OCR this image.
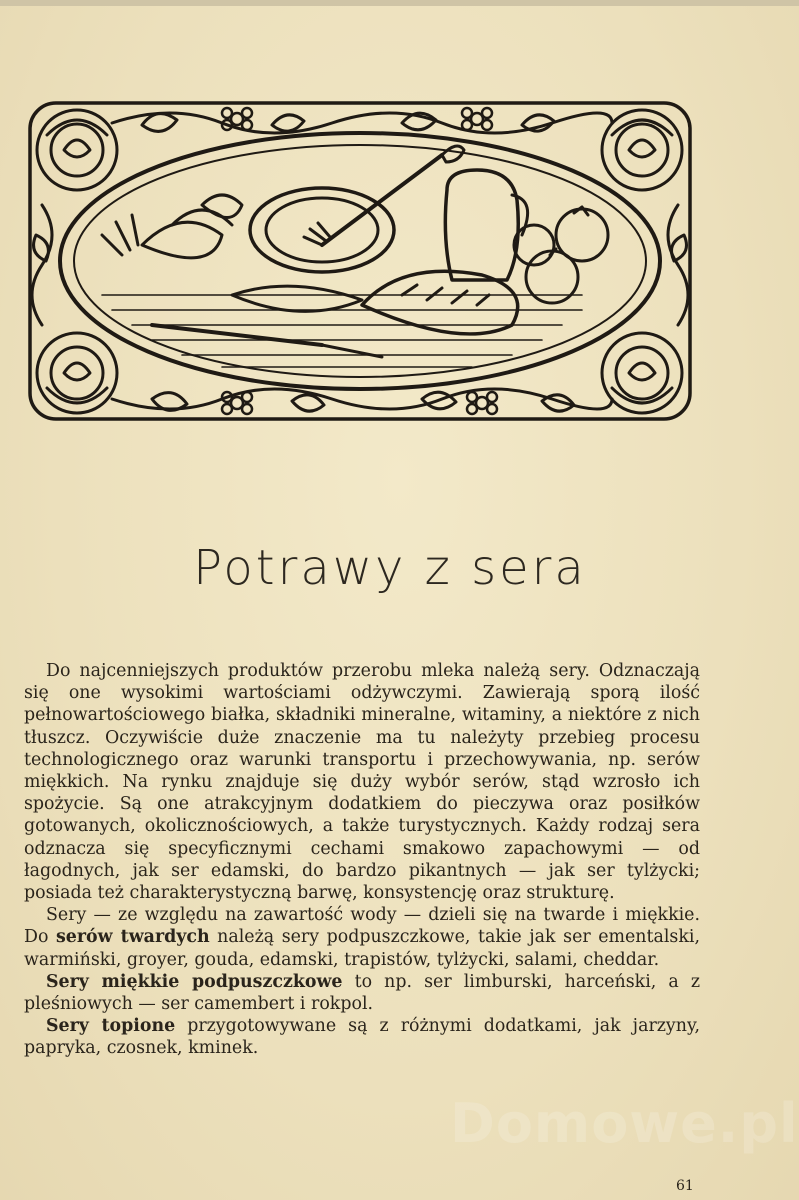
Potrawy z sera

Do najcenniejszych produktów przerobu mleka należą sery. Odznaczają się one wysokimi wartościami odżywczymi. Zawierają sporą ilość pełnowartościowego białka, składniki mineralne, witaminy, a niektóre z nich tłuszcz. Oczywiście duże znaczenie ma tu należyty przebieg procesu technologicznego oraz warunki transportu i przechowywania, np. serów miękkich. Na rynku znajduje się duży wybór serów, stąd wzrosło ich spożycie. Są one atrakcyjnym dodatkiem do pieczywa oraz posiłków gotowanych, okolicznościowych, a także turystycznych. Każdy rodzaj sera odznacza się specyficznymi cechami smakowo zapachowymi — od łagodnych, jak ser edamski, do bardzo pikantnych — jak ser tylżycki; posiada też charakterystyczną barwę, konsystencję oraz strukturę.

Sery — ze względu na zawartość wody — dzieli się na twarde i miękkie. Do serów twardych należą sery podpuszczkowe, takie jak ser ementalski, warmiński, groyer, gouda, edamski, trapistów, tylżycki, salami, cheddar.

Sery miękkie podpuszczkowe to np. ser limburski, harceński, a z pleśniowych — ser camembert i rokpol.

Sery topione przygotowywane są z różnymi dodatkami, jak jarzyny, papryka, czosnek, kminek.

Domowe.pl
61
